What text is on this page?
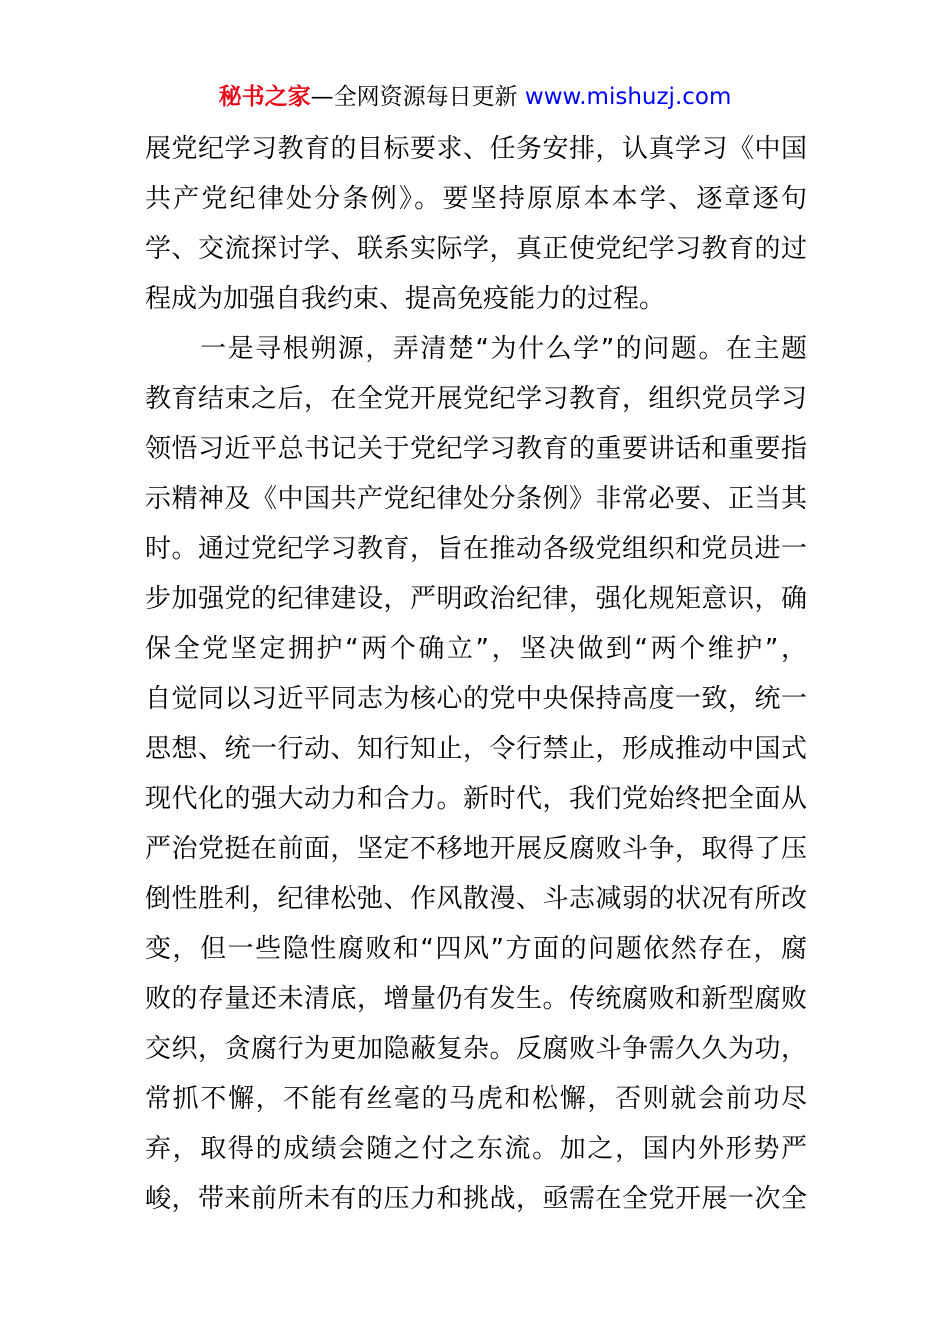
秘书之家—全网资源每日更新 www.mishuzj.com
展党纪学习教育的目标要求、任务安排，认真学习《中国
共产党纪律处分条例》。要坚持原原本本学、逐章逐句
学、交流探讨学、联系实际学，真正使党纪学习教育的过
程成为加强自我约束、提高免疫能力的过程。
　　一是寻根朔源，弄清楚“为什么学”的问题。在主题
教育结束之后，在全党开展党纪学习教育，组织党员学习
领悟习近平总书记关于党纪学习教育的重要讲话和重要指
示精神及《中国共产党纪律处分条例》非常必要、正当其
时。通过党纪学习教育，旨在推动各级党组织和党员进一
步加强党的纪律建设，严明政治纪律，强化规矩意识，确
保全党坚定拥护“两个确立”，坚决做到“两个维护”，
自觉同以习近平同志为核心的党中央保持高度一致，统一
思想、统一行动、知行知止，令行禁止，形成推动中国式
现代化的强大动力和合力。新时代，我们党始终把全面从
严治党挺在前面，坚定不移地开展反腐败斗争，取得了压
倒性胜利，纪律松弛、作风散漫、斗志减弱的状况有所改
变，但一些隐性腐败和“四风”方面的问题依然存在，腐
败的存量还未清底，增量仍有发生。传统腐败和新型腐败
交织，贪腐行为更加隐蔽复杂。反腐败斗争需久久为功，
常抓不懈，不能有丝毫的马虎和松懈，否则就会前功尽
弃，取得的成绩会随之付之东流。加之，国内外形势严
峻，带来前所未有的压力和挑战，亟需在全党开展一次全
